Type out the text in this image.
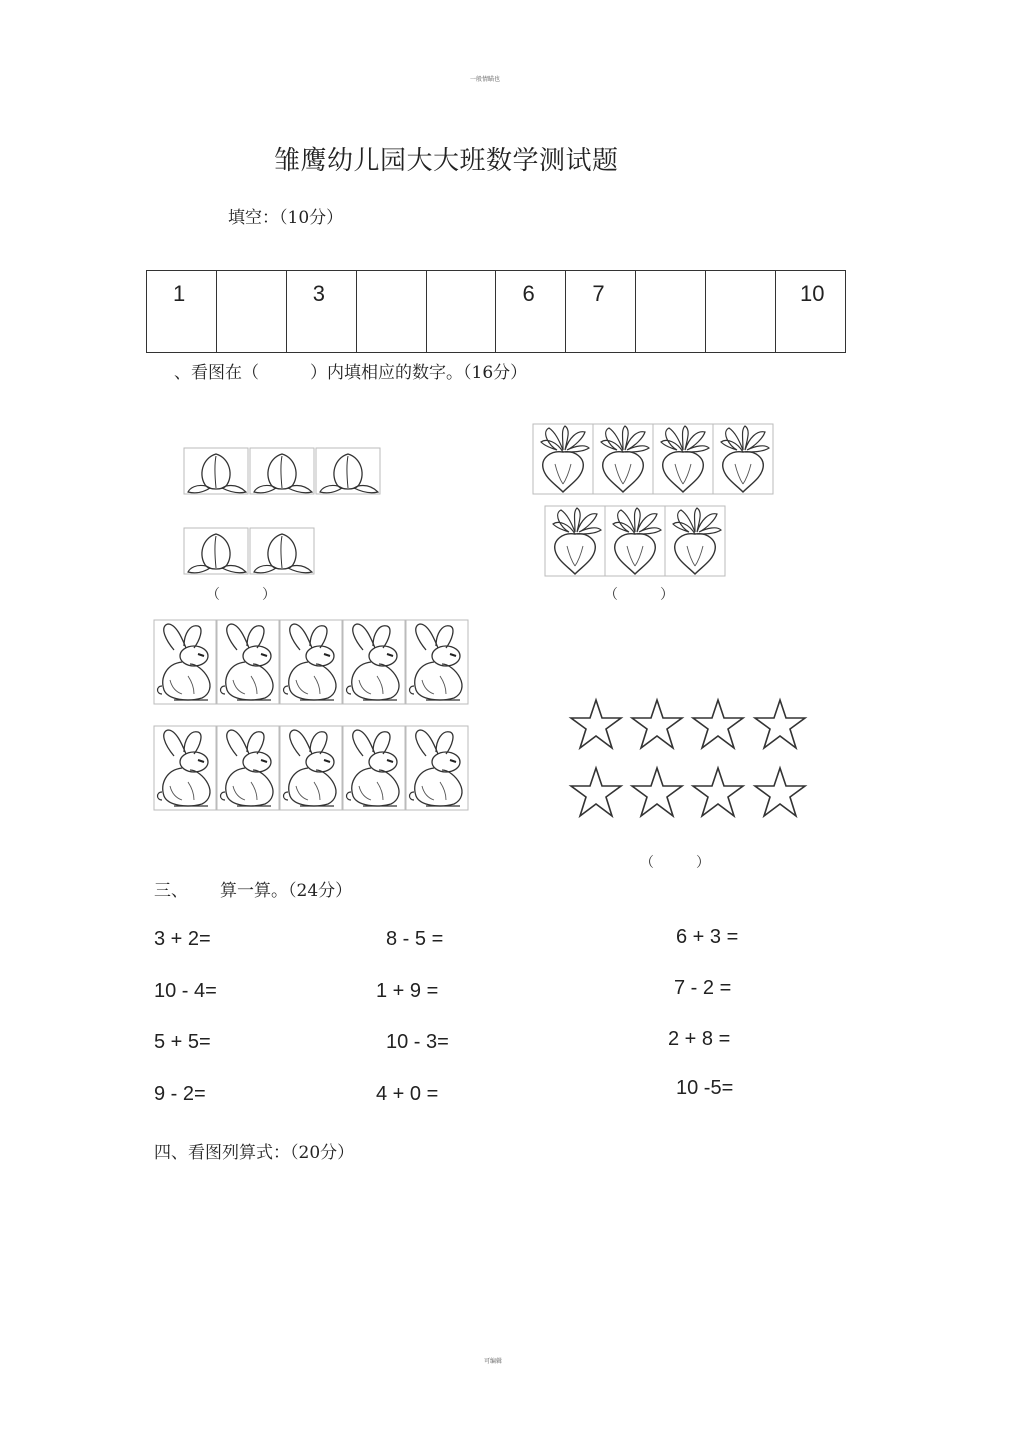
一般情瞄也
雏鹰幼儿园大大班数学测试题
填空：（10分）
1		3			6	7			10
、看图在（　　　）内填相应的数字。（16分）
（　　　）	（　　　）
（　　　）
三、 算一算。（24分）
3 + 2=	8 - 5 =	6 + 3 =
10 - 4=	1 + 9 =	7 - 2 =
5 + 5=	10 - 3=	2 + 8 =
9 - 2=	4 + 0 =	10 -5=
四、看图列算式：（20分）
可编辑
